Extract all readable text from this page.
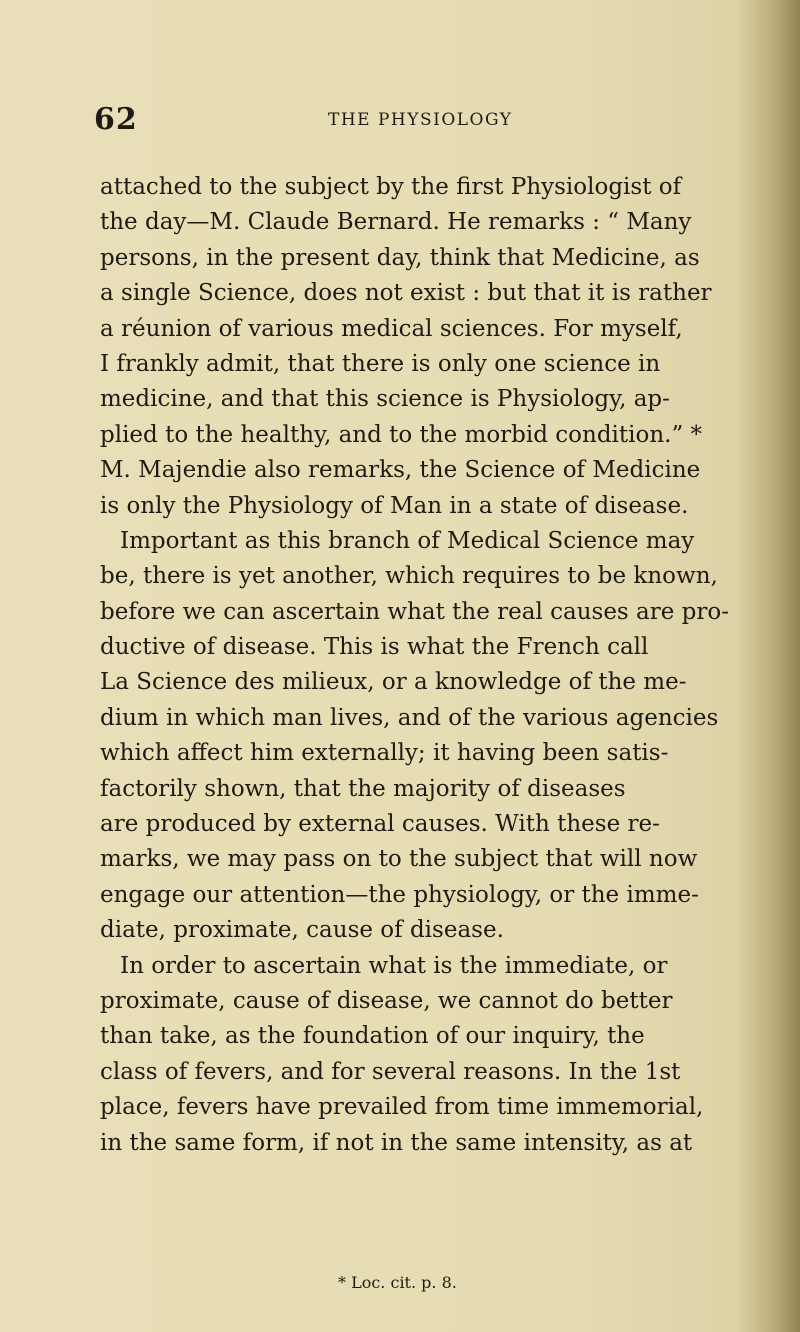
62	THE PHYSIOLOGY
attached to the subject by the first Physiologist of
the day—M. Claude Bernard. He remarks : “ Many
persons, in the present day, think that Medicine, as
a single Science, does not exist : but that it is rather
a réunion of various medical sciences. For myself,
I frankly admit, that there is only one science in
medicine, and that this science is Physiology, ap-
plied to the healthy, and to the morbid condition.” *
M. Majendie also remarks, the Science of Medicine
is only the Physiology of Man in a state of disease.
Important as this branch of Medical Science may
be, there is yet another, which requires to be known,
before we can ascertain what the real causes are pro-
ductive of disease. This is what the French call
La Science des milieux, or a knowledge of the me-
dium in which man lives, and of the various agencies
which affect him externally; it having been satis-
factorily shown, that the majority of diseases
are produced by external causes. With these re-
marks, we may pass on to the subject that will now
engage our attention—the physiology, or the imme-
diate, proximate, cause of disease.
In order to ascertain what is the immediate, or
proximate, cause of disease, we cannot do better
than take, as the foundation of our inquiry, the
class of fevers, and for several reasons. In the 1st
place, fevers have prevailed from time immemorial,
in the same form, if not in the same intensity, as at
* Loc. cit. p. 8.
